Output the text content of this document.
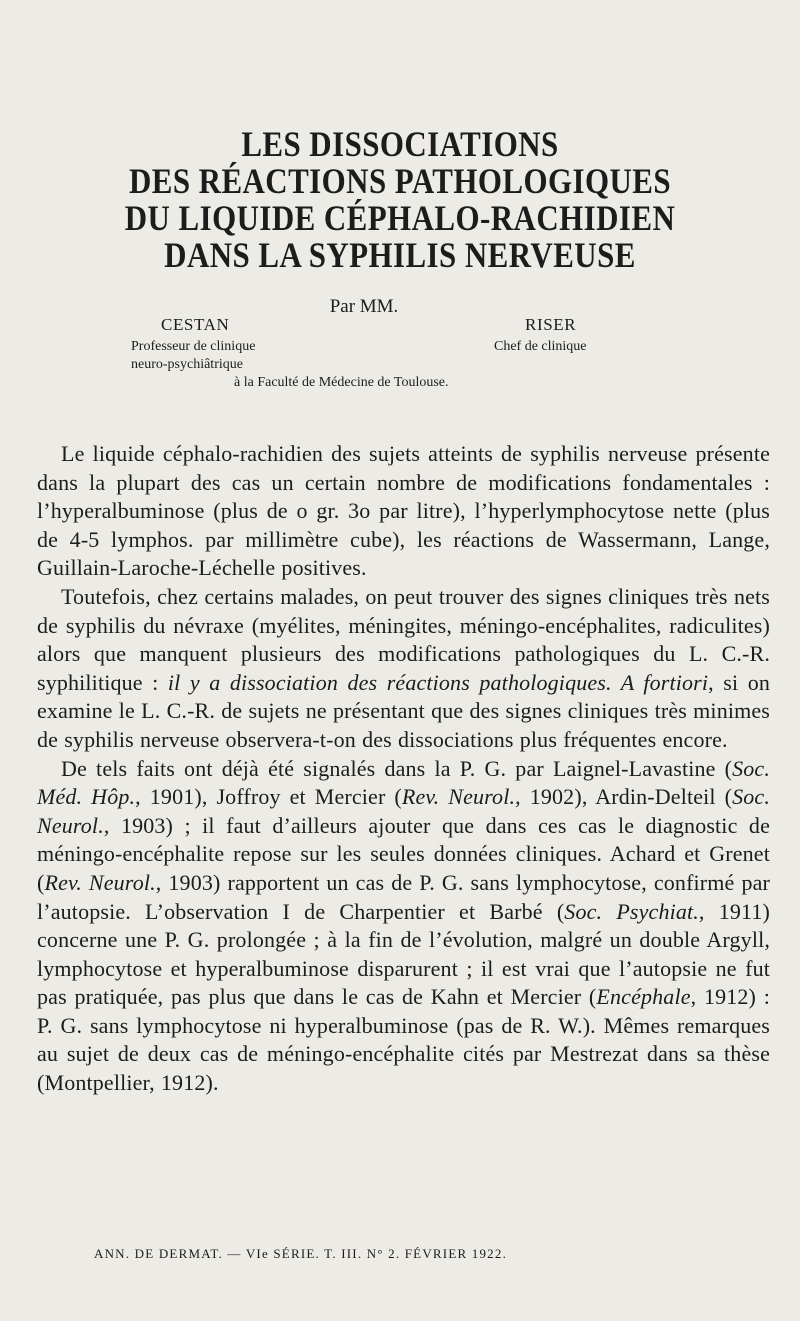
LES DISSOCIATIONS
DES RÉACTIONS PATHOLOGIQUES
DU LIQUIDE CÉPHALO-RACHIDIEN
DANS LA SYPHILIS NERVEUSE
Par MM.
CESTAN	RISER
Professeur de clinique
neuro-psychiâtrique
Chef de clinique
à la Faculté de Médecine de Toulouse.

Le liquide céphalo-rachidien des sujets atteints de syphilis nerveuse présente dans la plupart des cas un certain nombre de modifications fondamentales : l’hyperalbuminose (plus de o gr. 3o par litre), l’hyperlymphocytose nette (plus de 4-5 lymphos. par millimètre cube), les réactions de Wassermann, Lange, Guillain-Laroche-Léchelle positives.

Toutefois, chez certains malades, on peut trouver des signes cliniques très nets de syphilis du névraxe (myélites, méningites, méningo-encéphalites, radiculites) alors que manquent plusieurs des modifications pathologiques du L. C.-R. syphilitique : il y a dissociation des réactions pathologiques. A fortiori, si on examine le L. C.-R. de sujets ne présentant que des signes cliniques très minimes de syphilis nerveuse observera-t-on des dissociations plus fréquentes encore.

De tels faits ont déjà été signalés dans la P. G. par Laignel-Lavastine (Soc. Méd. Hôp., 1901), Joffroy et Mercier (Rev. Neurol., 1902), Ardin-Delteil (Soc. Neurol., 1903) ; il faut d’ailleurs ajouter que dans ces cas le diagnostic de méningo-encéphalite repose sur les seules données cliniques. Achard et Grenet (Rev. Neurol., 1903) rapportent un cas de P. G. sans lymphocytose, confirmé par l’autopsie. L’observation I de Charpentier et Barbé (Soc. Psychiat., 1911) concerne une P. G. prolongée ; à la fin de l’évolution, malgré un double Argyll, lymphocytose et hyperalbuminose disparurent ; il est vrai que l’autopsie ne fut pas pratiquée, pas plus que dans le cas de Kahn et Mercier (Encéphale, 1912) : P. G. sans lymphocytose ni hyperalbuminose (pas de R. W.). Mêmes remarques au sujet de deux cas de méningo-encéphalite cités par Mestrezat dans sa thèse (Montpellier, 1912).

ANN. DE DERMAT. — VIe SÉRIE. T. III. N° 2. FÉVRIER 1922.
